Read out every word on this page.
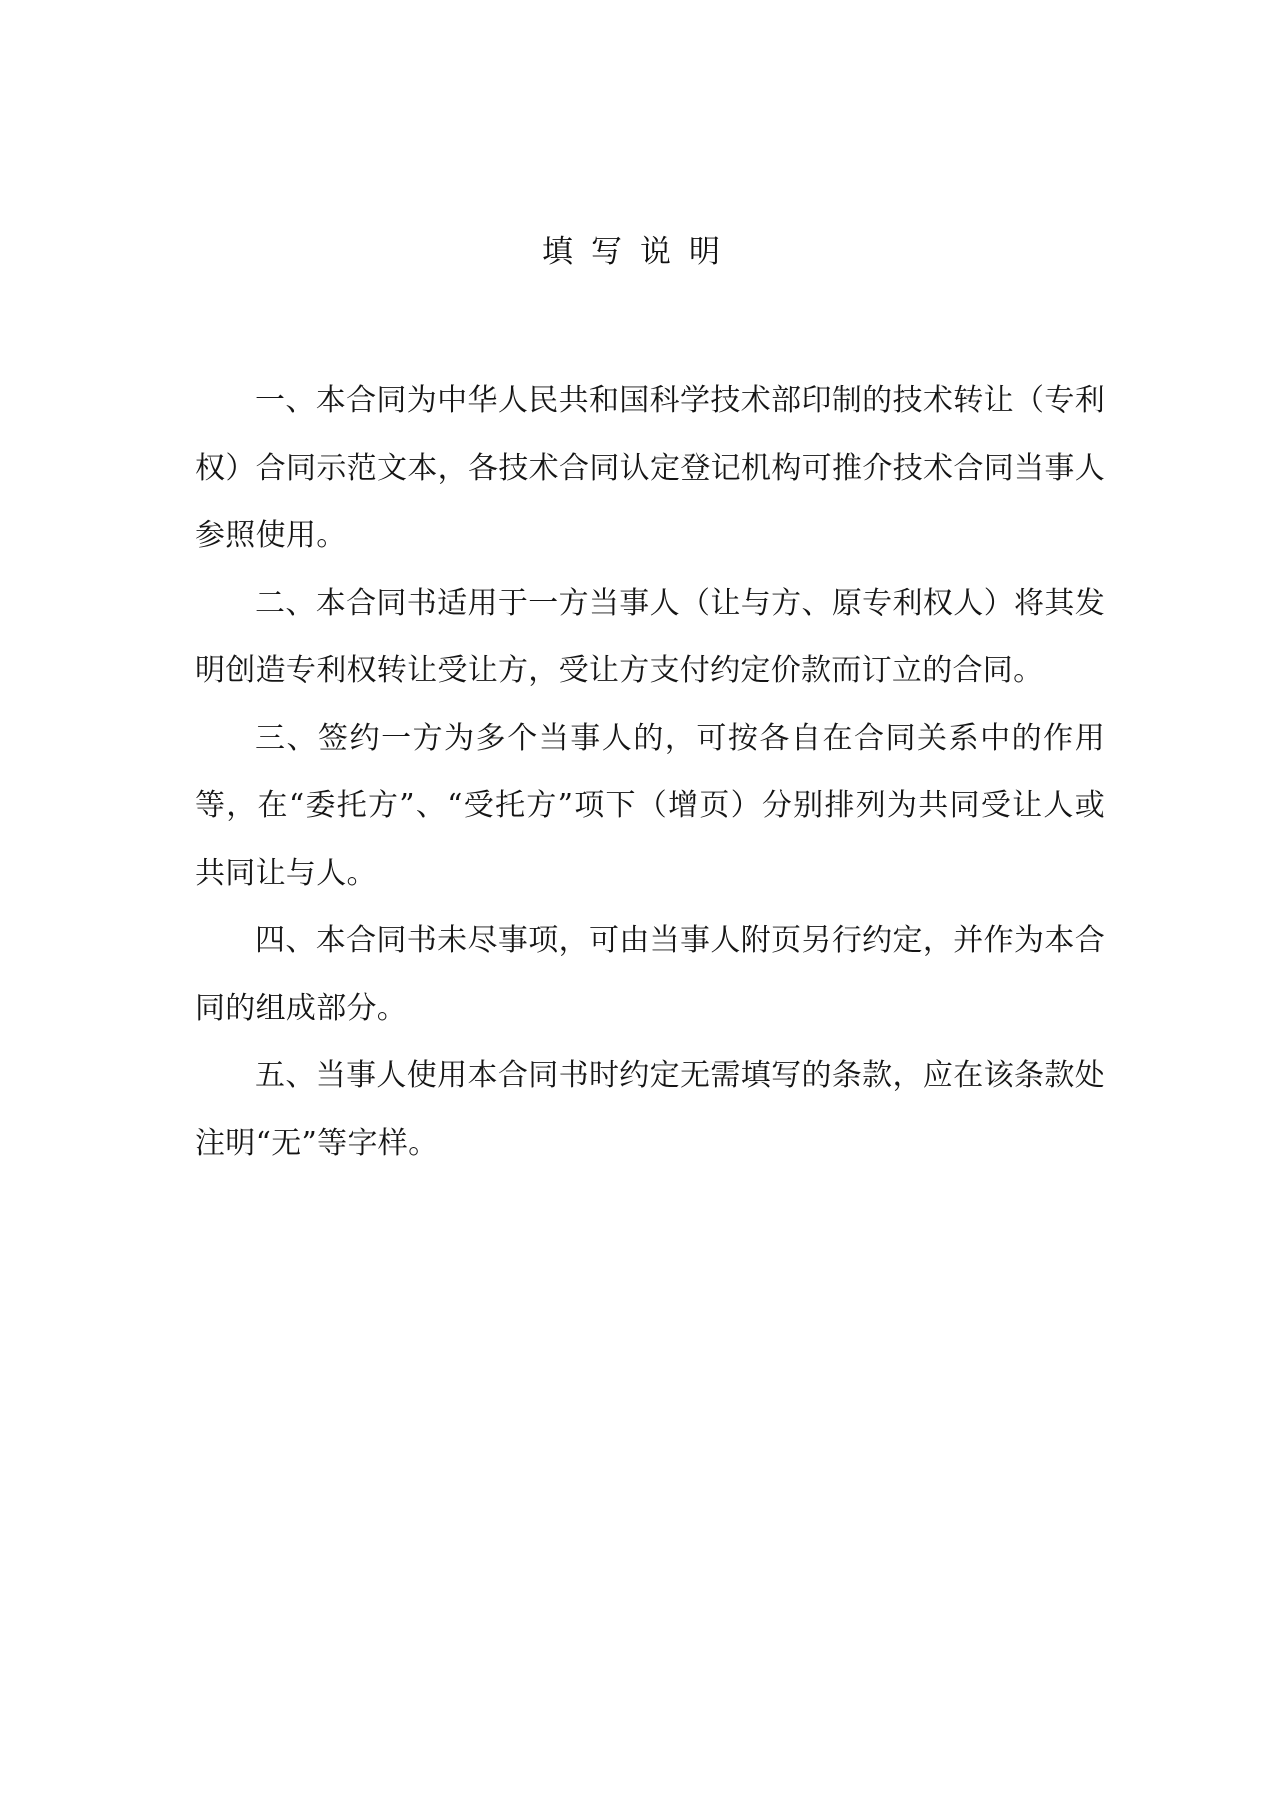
填写说明

一、本合同为中华人民共和国科学技术部印制的技术转让（专利权）合同示范文本，各技术合同认定登记机构可推介技术合同当事人参照使用。

二、本合同书适用于一方当事人（让与方、原专利权人）将其发明创造专利权转让受让方，受让方支付约定价款而订立的合同。

三、签约一方为多个当事人的，可按各自在合同关系中的作用等，在“委托方”、“受托方”项下（增页）分别排列为共同受让人或共同让与人。

四、本合同书未尽事项，可由当事人附页另行约定，并作为本合同的组成部分。

五、当事人使用本合同书时约定无需填写的条款，应在该条款处注明“无”等字样。
